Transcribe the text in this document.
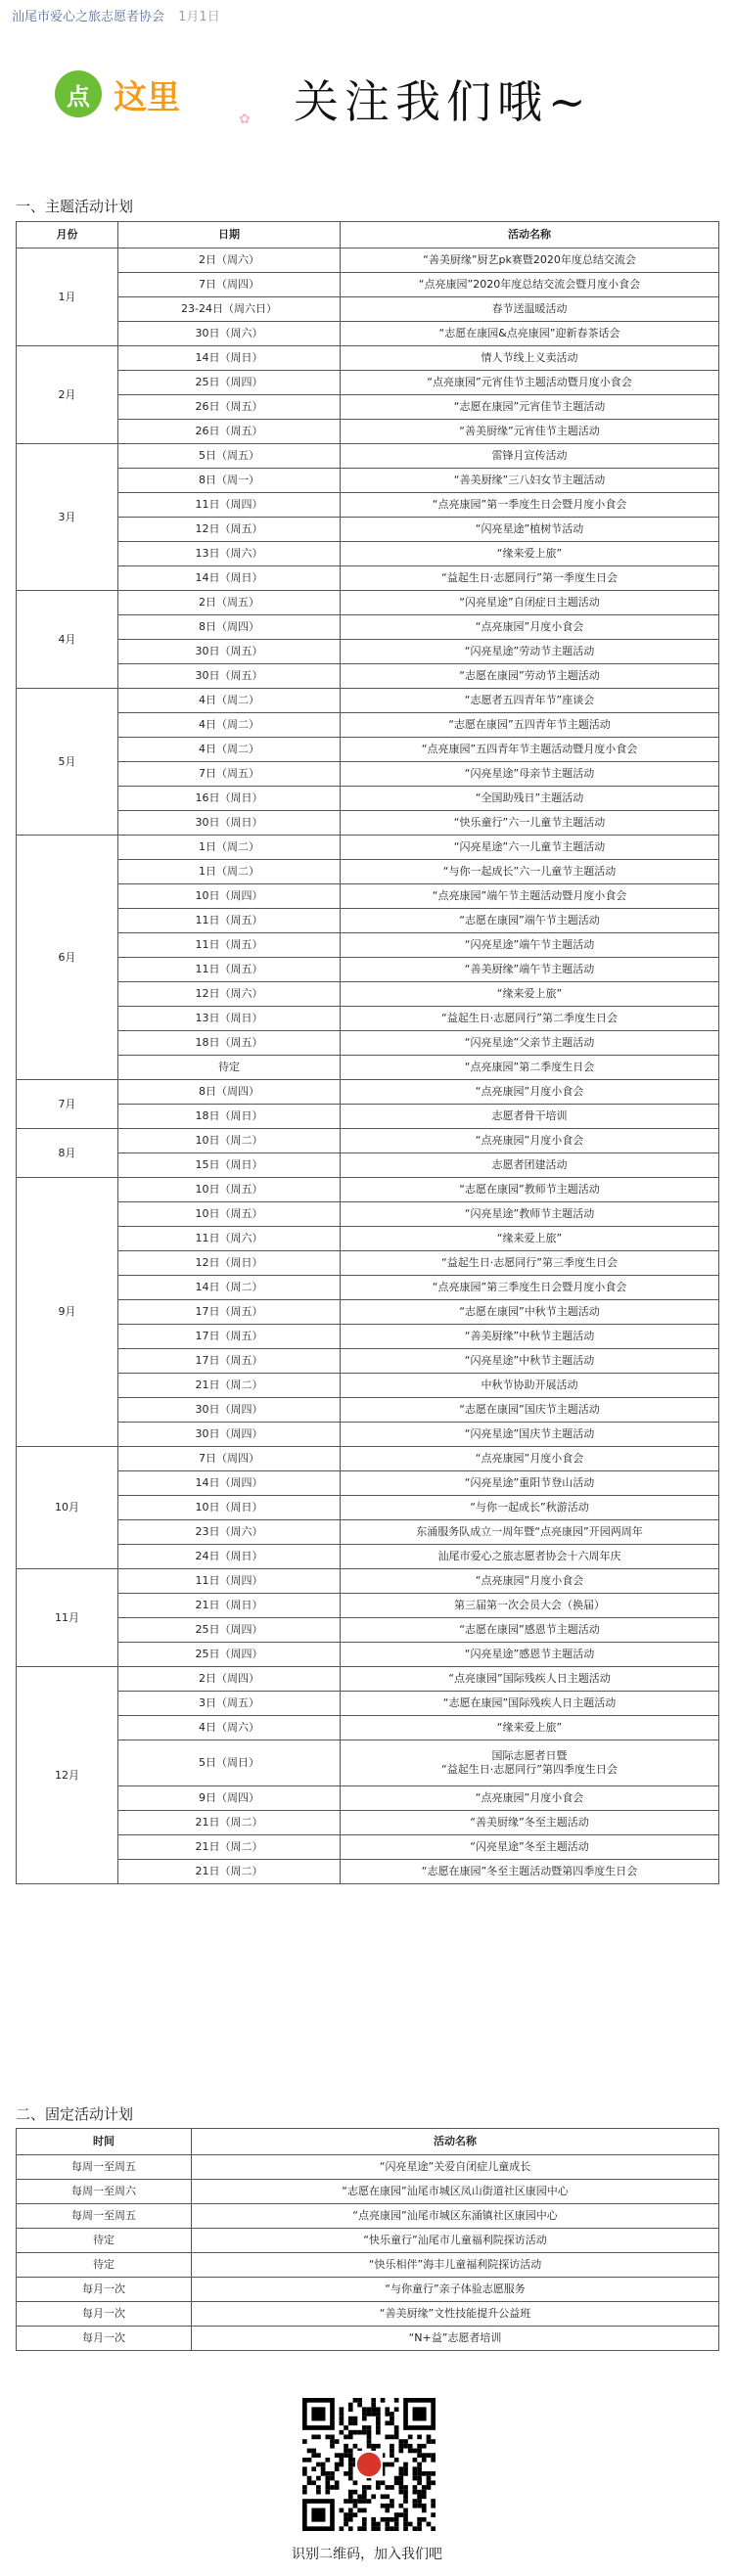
汕尾市爱心之旅志愿者协会 1月1日
点 这里
✿ 关注我们哦~
一、主题活动计划
月份	日期	活动名称
1月	2日（周六）	“善美厨缘”厨艺pk赛暨2020年度总结交流会
	7日（周四）	“点亮康园”2020年度总结交流会暨月度小食会
	23-24日（周六日）	春节送温暖活动
	30日（周六）	“志愿在康园&点亮康园”迎新春茶话会
2月	14日（周日）	情人节线上义卖活动
	25日（周四）	“点亮康园”元宵佳节主题活动暨月度小食会
	26日（周五）	“志愿在康园”元宵佳节主题活动
	26日（周五）	“善美厨缘”元宵佳节主题活动
3月	5日（周五）	雷锋月宣传活动
	8日（周一）	“善美厨缘”三八妇女节主题活动
	11日（周四）	“点亮康园”第一季度生日会暨月度小食会
	12日（周五）	“闪亮星途”植树节活动
	13日（周六）	“缘来爱上旅”
	14日（周日）	“益起生日·志愿同行”第一季度生日会
4月	2日（周五）	“闪亮星途”自闭症日主题活动
	8日（周四）	“点亮康园”月度小食会
	30日（周五）	“闪亮星途”劳动节主题活动
	30日（周五）	“志愿在康园”劳动节主题活动
5月	4日（周二）	“志愿者五四青年节”座谈会
	4日（周二）	“志愿在康园”五四青年节主题活动
	4日（周二）	“点亮康园”五四青年节主题活动暨月度小食会
	7日（周五）	“闪亮星途”母亲节主题活动
	16日（周日）	“全国助残日”主题活动
	30日（周日）	“快乐童行”六一儿童节主题活动
6月	1日（周二）	“闪亮星途”六一儿童节主题活动
	1日（周二）	“与你一起成长”六一儿童节主题活动
	10日（周四）	“点亮康园”端午节主题活动暨月度小食会
	11日（周五）	“志愿在康园”端午节主题活动
	11日（周五）	“闪亮星途”端午节主题活动
	11日（周五）	“善美厨缘”端午节主题活动
	12日（周六）	“缘来爱上旅”
	13日（周日）	“益起生日·志愿同行”第二季度生日会
	18日（周五）	“闪亮星途”父亲节主题活动
	待定	“点亮康园”第二季度生日会
7月	8日（周四）	“点亮康园”月度小食会
	18日（周日）	志愿者骨干培训
8月	10日（周二）	“点亮康园”月度小食会
	15日（周日）	志愿者团建活动
9月	10日（周五）	“志愿在康园”教师节主题活动
	10日（周五）	“闪亮星途”教师节主题活动
	11日（周六）	“缘来爱上旅”
	12日（周日）	“益起生日·志愿同行”第三季度生日会
	14日（周二）	“点亮康园”第三季度生日会暨月度小食会
	17日（周五）	“志愿在康园”中秋节主题活动
	17日（周五）	“善美厨缘”中秋节主题活动
	17日（周五）	“闪亮星途”中秋节主题活动
	21日（周二）	中秋节协助开展活动
	30日（周四）	“志愿在康园”国庆节主题活动
	30日（周四）	“闪亮星途”国庆节主题活动
10月	7日（周四）	“点亮康园”月度小食会
	14日（周四）	“闪亮星途”重阳节登山活动
	10日（周日）	“与你一起成长”秋游活动
	23日（周六）	东涌服务队成立一周年暨“点亮康园”开园两周年
	24日（周日）	汕尾市爱心之旅志愿者协会十六周年庆
11月	11日（周四）	“点亮康园”月度小食会
	21日（周日）	第三届第一次会员大会（换届）
	25日（周四）	“志愿在康园”感恩节主题活动
	25日（周四）	“闪亮星途”感恩节主题活动
12月	2日（周四）	“点亮康园”国际残疾人日主题活动
	3日（周五）	“志愿在康园”国际残疾人日主题活动
	4日（周六）	“缘来爱上旅”
	5日（周日）	国际志愿者日暨
“益起生日·志愿同行”第四季度生日会
	9日（周四）	“点亮康园”月度小食会
	21日（周二）	“善美厨缘”冬至主题活动
	21日（周二）	“闪亮星途”冬至主题活动
	21日（周二）	“志愿在康园”冬至主题活动暨第四季度生日会
二、固定活动计划
时间	活动名称
每周一至周五	“闪亮星途”关爱自闭症儿童成长
每周一至周六	“志愿在康园”汕尾市城区凤山街道社区康园中心
每周一至周五	“点亮康园”汕尾市城区东涌镇社区康园中心
待定	“快乐童行”汕尾市儿童福利院探访活动
待定	“快乐相伴”海丰儿童福利院探访活动
每月一次	“与你童行”亲子体验志愿服务
每月一次	“善美厨缘”文性技能提升公益班
每月一次	“N+益”志愿者培训
识别二维码，加入我们吧
